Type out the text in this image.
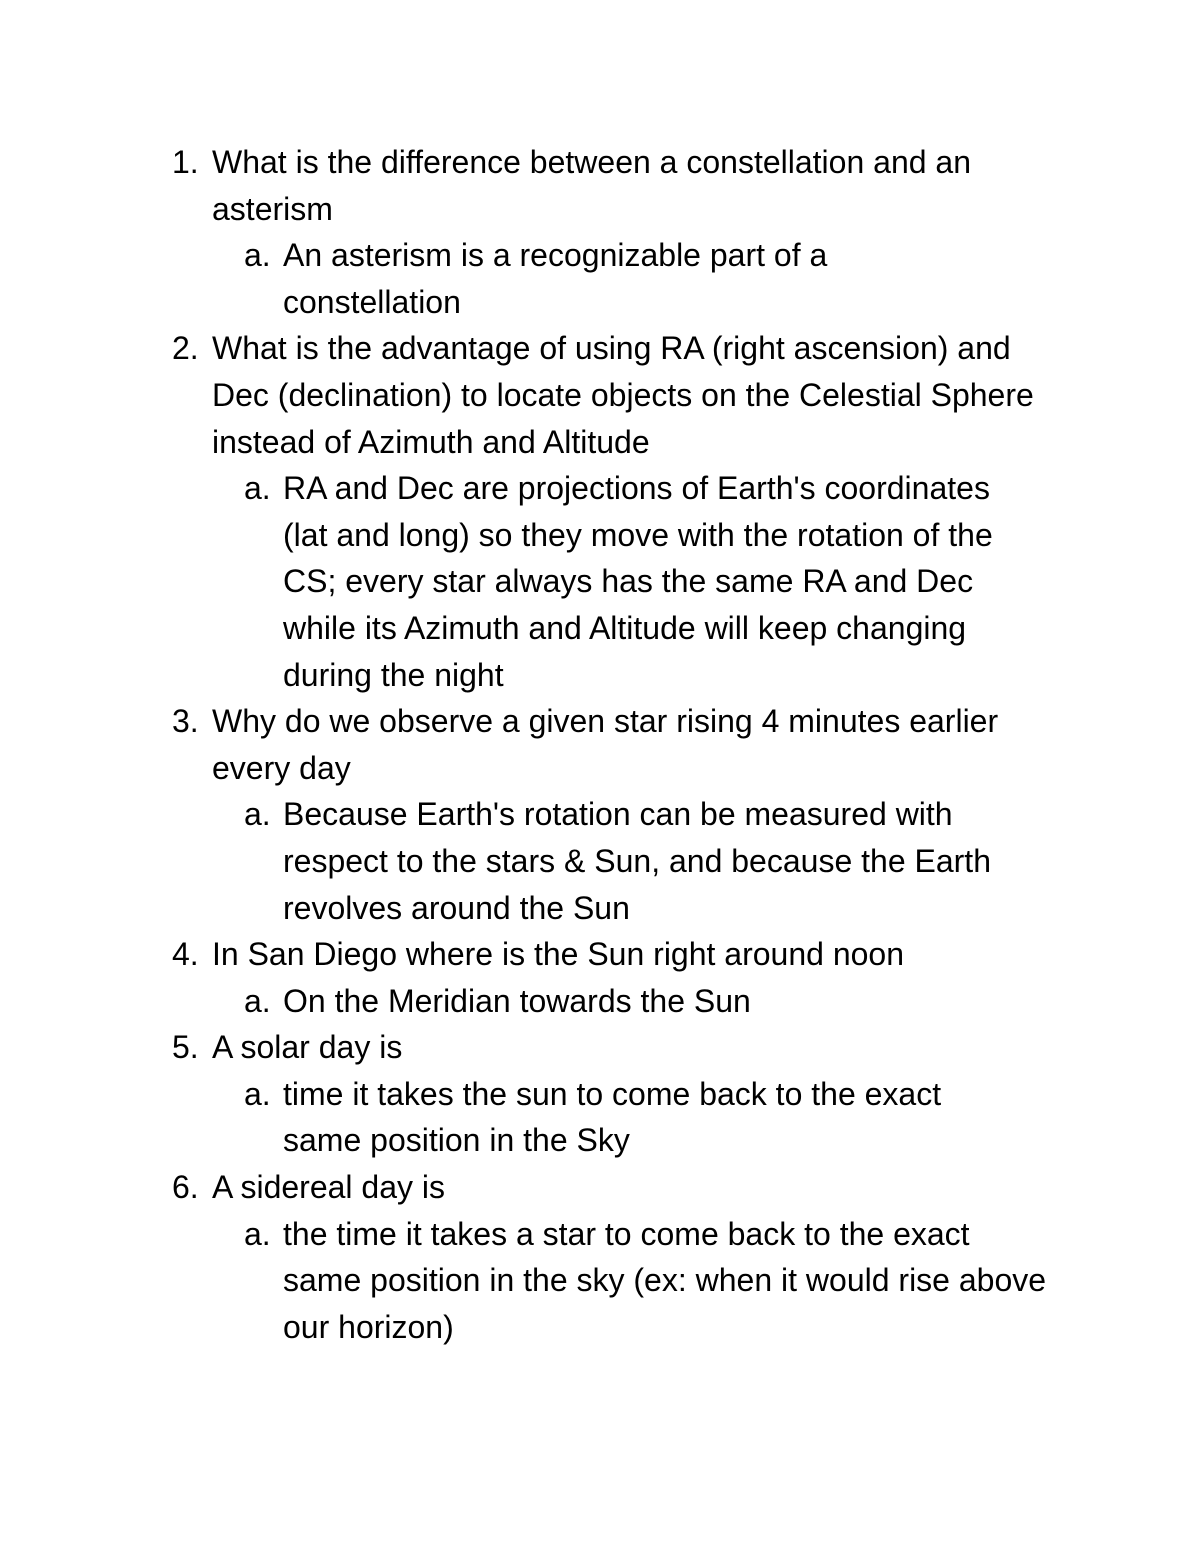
1. What is the difference between a constellation and an asterism
a. An asterism is a recognizable part of a constellation
2. What is the advantage of using RA (right ascension) and Dec (declination) to locate objects on the Celestial Sphere instead of Azimuth and Altitude
a. RA and Dec are projections of Earth's coordinates (lat and long) so they move with the rotation of the CS; every star always has the same RA and Dec while its Azimuth and Altitude will keep changing during the night
3. Why do we observe a given star rising 4 minutes earlier every day
a. Because Earth's rotation can be measured with respect to the stars & Sun, and because the Earth revolves around the Sun
4. In San Diego where is the Sun right around noon
a. On the Meridian towards the Sun
5. A solar day is
a. time it takes the sun to come back to the exact same position in the Sky
6. A sidereal day is
a. the time it takes a star to come back to the exact same position in the sky (ex: when it would rise above our horizon)
